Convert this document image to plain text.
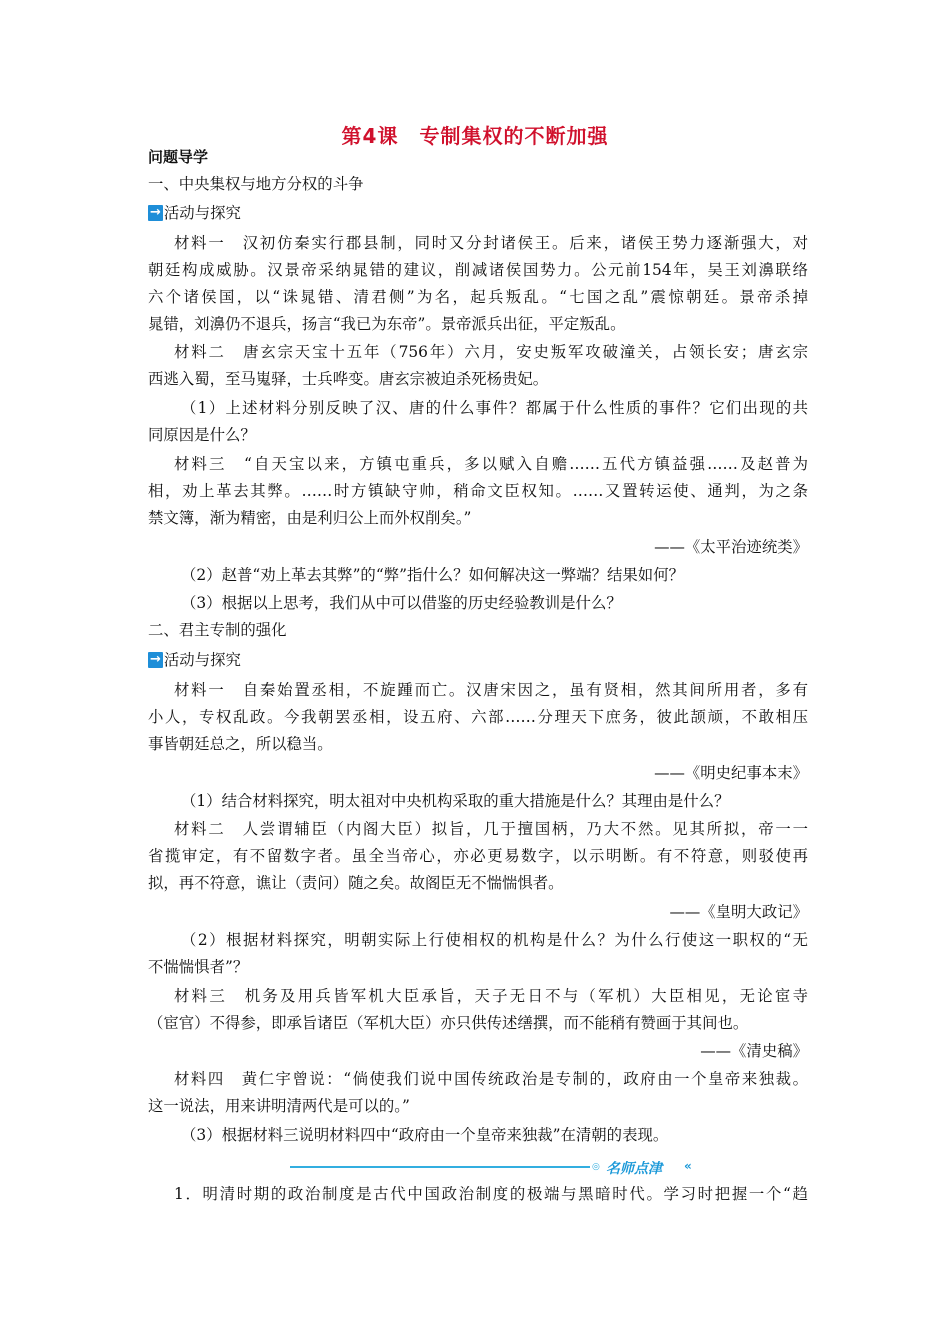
第4课　专制集权的不断加强
问题导学
一、中央集权与地方分权的斗争
→ 活动与探究
材料一　汉初仿秦实行郡县制，同时又分封诸侯王。后来，诸侯王势力逐渐强大，对
朝廷构成威胁。汉景帝采纳晁错的建议，削减诸侯国势力。公元前154年，吴王刘濞联络
六个诸侯国，以“诛晁错、清君侧”为名，起兵叛乱。“七国之乱”震惊朝廷。景帝杀掉
晁错，刘濞仍不退兵，扬言“我已为东帝”。景帝派兵出征，平定叛乱。
材料二　唐玄宗天宝十五年（756年）六月，安史叛军攻破潼关，占领长安；唐玄宗
西逃入蜀，至马嵬驿，士兵哗变。唐玄宗被迫杀死杨贵妃。
（1）上述材料分别反映了汉、唐的什么事件？都属于什么性质的事件？它们出现的共
同原因是什么？
材料三　“自天宝以来，方镇屯重兵，多以赋入自赡……五代方镇益强……及赵普为
相，劝上革去其弊。……时方镇缺守帅，稍命文臣权知。……又置转运使、通判，为之条
禁文簿，渐为精密，由是利归公上而外权削矣。”
——《太平治迹统类》
（2）赵普“劝上革去其弊”的“弊”指什么？如何解决这一弊端？结果如何？
（3）根据以上思考，我们从中可以借鉴的历史经验教训是什么？
二、君主专制的强化
→ 活动与探究
材料一　自秦始置丞相，不旋踵而亡。汉唐宋因之，虽有贤相，然其间所用者，多有
小人，专权乱政。今我朝罢丞相，设五府、六部……分理天下庶务，彼此颉颃，不敢相压
事皆朝廷总之，所以稳当。
——《明史纪事本末》
（1）结合材料探究，明太祖对中央机构采取的重大措施是什么？其理由是什么？
材料二　人尝谓辅臣（内阁大臣）拟旨，几于擅国柄，乃大不然。见其所拟，帝一一
省揽审定，有不留数字者。虽全当帝心，亦必更易数字，以示明断。有不符意，则驳使再
拟，再不符意，谯让（责问）随之矣。故阁臣无不惴惴惧者。
——《皇明大政记》
（2）根据材料探究，明朝实际上行使相权的机构是什么？为什么行使这一职权的“无
不惴惴惧者”？
材料三　机务及用兵皆军机大臣承旨，天子无日不与（军机）大臣相见，无论宦寺
（宦官）不得参，即承旨诸臣（军机大臣）亦只供传述缮撰，而不能稍有赞画于其间也。
——《清史稿》
材料四　黄仁宇曾说：“倘使我们说中国传统政治是专制的，政府由一个皇帝来独裁。
这一说法，用来讲明清两代是可以的。”
（3）根据材料三说明材料四中“政府由一个皇帝来独裁”在清朝的表现。
◎ 名师点津 «
1．明清时期的政治制度是古代中国政治制度的极端与黑暗时代。学习时把握一个“趋
